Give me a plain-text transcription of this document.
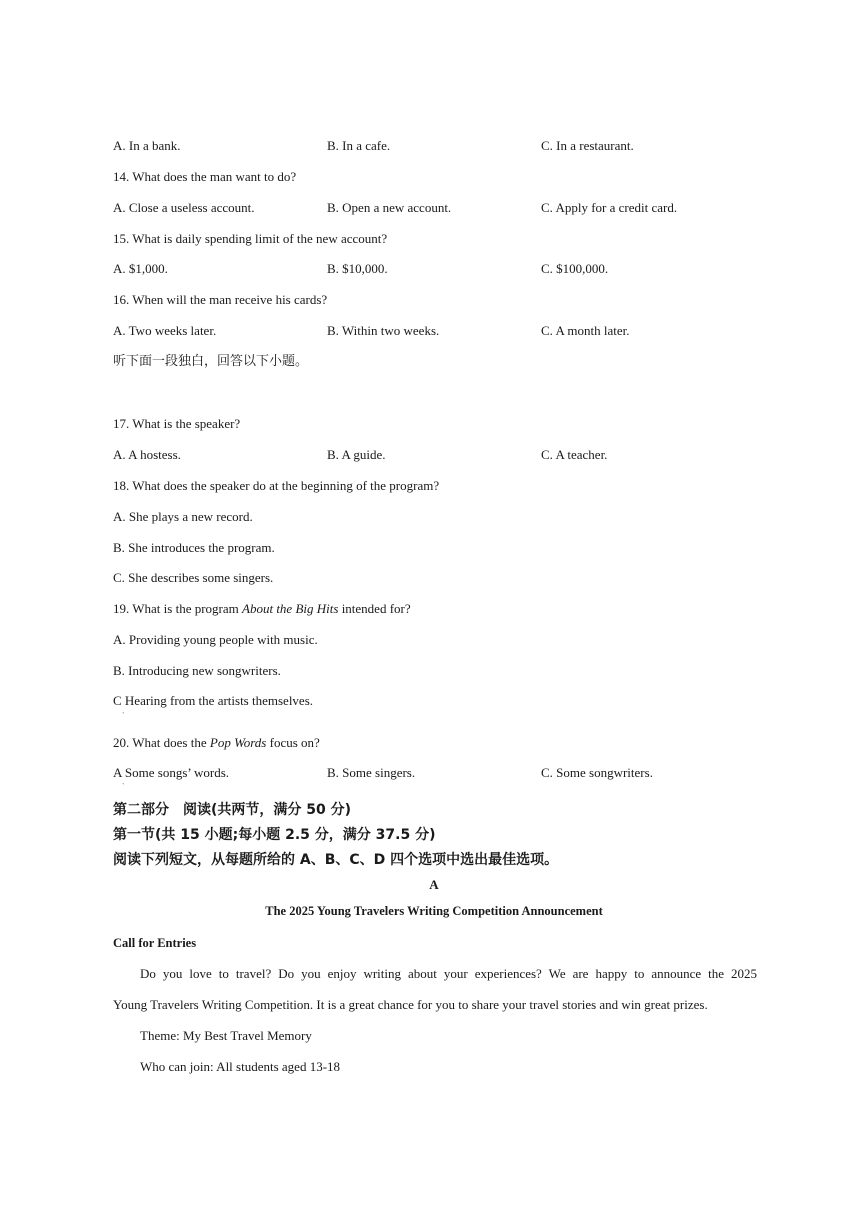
A. In a bank.	B. In a cafe.	C. In a restaurant.
14. What does the man want to do?
A. Close a useless account.	B. Open a new account.	C. Apply for a credit card.
15. What is daily spending limit of the new account?
A. $1,000.	B. $10,000.	C. $100,000.
16. When will the man receive his cards?
A. Two weeks later.	B. Within two weeks.	C. A month later.
听下面一段独白，回答以下小题。
17. What is the speaker?
A. A hostess.	B. A guide.	C. A teacher.
18. What does the speaker do at the beginning of the program?
A. She plays a new record.
B. She introduces the program.
C. She describes some singers.
19. What is the program About the Big Hits intended for?
A. Providing young people with music.
B. Introducing new songwriters.
C Hearing from the artists themselves.
ˋ
20. What does the Pop Words focus on?
A Some songs’ words.	B. Some singers.	C. Some songwriters.
ˋ
第二部分　阅读(共两节，满分 50 分)
第一节(共 15 小题;每小题 2.5 分，满分 37.5 分)
阅读下列短文，从每题所给的 A、B、C、D 四个选项中选出最佳选项。
A
The 2025 Young Travelers Writing Competition Announcement
Call for Entries
Do you love to travel? Do you enjoy writing about your experiences? We are happy to announce the 2025
Young Travelers Writing Competition. It is a great chance for you to share your travel stories and win great prizes.
Theme: My Best Travel Memory
Who can join: All students aged 13-18
